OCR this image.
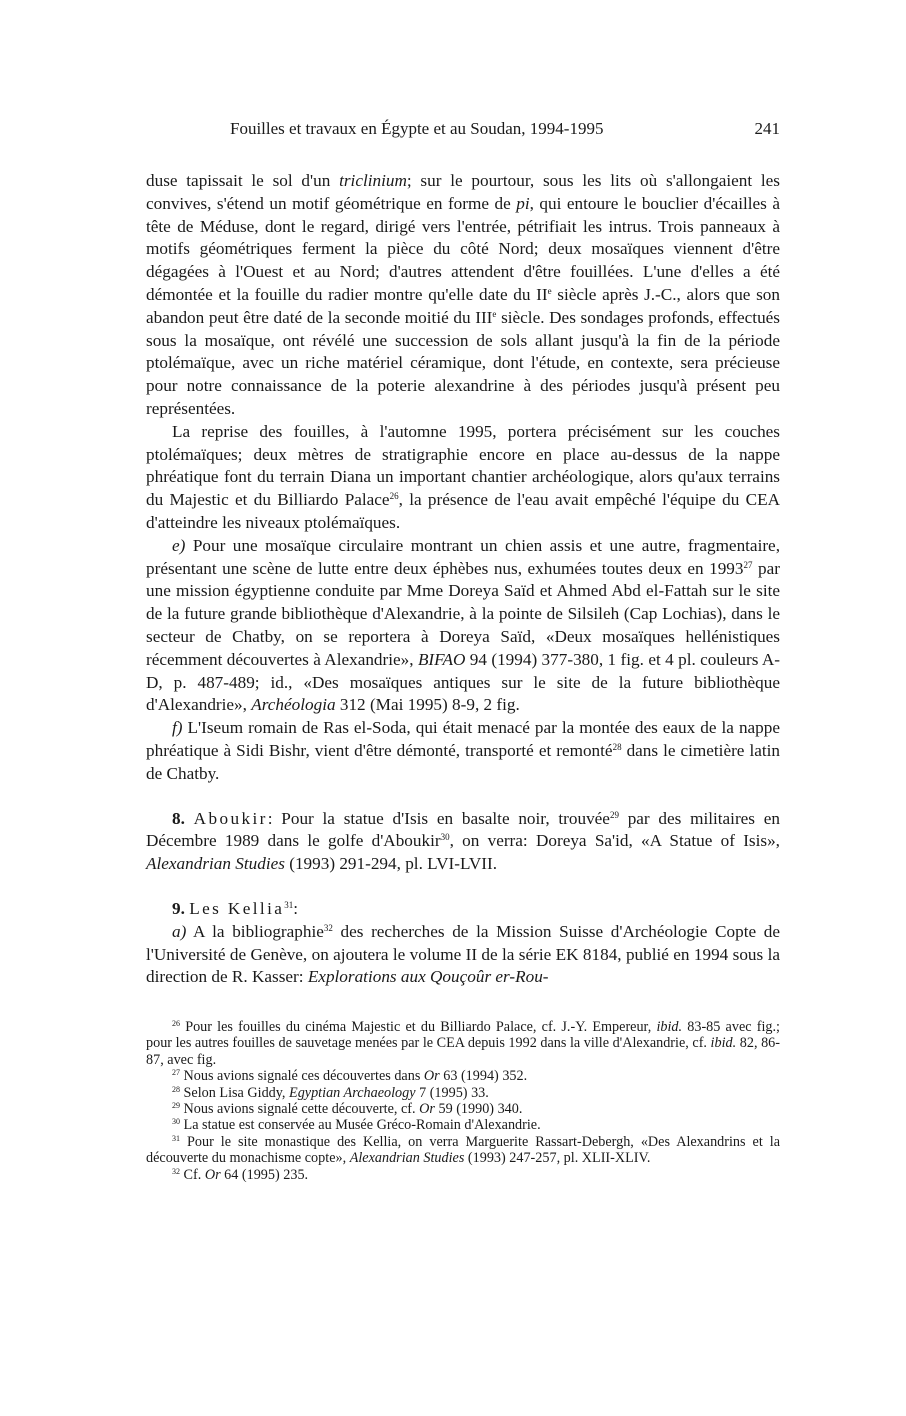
Fouilles et travaux en Égypte et au Soudan, 1994-1995	241

duse tapissait le sol d'un triclinium; sur le pourtour, sous les lits où s'allongaient les convives, s'étend un motif géométrique en forme de pi, qui entoure le bouclier d'écailles à tête de Méduse, dont le regard, dirigé vers l'entrée, pétrifiait les intrus. Trois panneaux à motifs géométriques ferment la pièce du côté Nord; deux mosaïques viennent d'être dégagées à l'Ouest et au Nord; d'autres attendent d'être fouillées. L'une d'elles a été démontée et la fouille du radier montre qu'elle date du IIe siècle après J.-C., alors que son abandon peut être daté de la seconde moitié du IIIe siècle. Des sondages profonds, effectués sous la mosaïque, ont révélé une succession de sols allant jusqu'à la fin de la période ptolémaïque, avec un riche matériel céramique, dont l'étude, en contexte, sera précieuse pour notre connaissance de la poterie alexandrine à des périodes jusqu'à présent peu représentées.

La reprise des fouilles, à l'automne 1995, portera précisément sur les couches ptolémaïques; deux mètres de stratigraphie encore en place au-dessus de la nappe phréatique font du terrain Diana un important chantier archéologique, alors qu'aux terrains du Majestic et du Billiardo Palace$^{26}$, la présence de l'eau avait empêché l'équipe du CEA d'atteindre les niveaux ptolémaïques.

e) Pour une mosaïque circulaire montrant un chien assis et une autre, fragmentaire, présentant une scène de lutte entre deux éphèbes nus, exhumées toutes deux en 1993$^{27}$ par une mission égyptienne conduite par Mme Doreya Saïd et Ahmed Abd el-Fattah sur le site de la future grande bibliothèque d'Alexandrie, à la pointe de Silsileh (Cap Lochias), dans le secteur de Chatby, on se reportera à Doreya Saïd, «Deux mosaïques hellénistiques récemment découvertes à Alexandrie», BIFAO 94 (1994) 377-380, 1 fig. et 4 pl. couleurs A-D, p. 487-489; id., «Des mosaïques antiques sur le site de la future bibliothèque d'Alexandrie», Archéologia 312 (Mai 1995) 8-9, 2 fig.

f) L'Iseum romain de Ras el-Soda, qui était menacé par la montée des eaux de la nappe phréatique à Sidi Bishr, vient d'être démonté, transporté et remonté$^{28}$ dans le cimetière latin de Chatby.

8. Aboukir: Pour la statue d'Isis en basalte noir, trouvée$^{29}$ par des militaires en Décembre 1989 dans le golfe d'Aboukir$^{30}$, on verra: Doreya Sa'id, «A Statue of Isis», Alexandrian Studies (1993) 291-294, pl. LVI-LVII.

9. Les Kellia$^{31}$:

a) A la bibliographie$^{32}$ des recherches de la Mission Suisse d'Archéologie Copte de l'Université de Genève, on ajoutera le volume II de la série EK 8184, publié en 1994 sous la direction de R. Kasser: Explorations aux Qouçoûr er-Rou-

$^{26}$ Pour les fouilles du cinéma Majestic et du Billiardo Palace, cf. J.-Y. Empereur, ibid. 83-85 avec fig.; pour les autres fouilles de sauvetage menées par le CEA depuis 1992 dans la ville d'Alexandrie, cf. ibid. 82, 86-87, avec fig.

$^{27}$ Nous avions signalé ces découvertes dans Or 63 (1994) 352.

$^{28}$ Selon Lisa Giddy, Egyptian Archaeology 7 (1995) 33.

$^{29}$ Nous avions signalé cette découverte, cf. Or 59 (1990) 340.

$^{30}$ La statue est conservée au Musée Gréco-Romain d'Alexandrie.

$^{31}$ Pour le site monastique des Kellia, on verra Marguerite Rassart-Debergh, «Des Alexandrins et la découverte du monachisme copte», Alexandrian Studies (1993) 247-257, pl. XLII-XLIV.

$^{32}$ Cf. Or 64 (1995) 235.
